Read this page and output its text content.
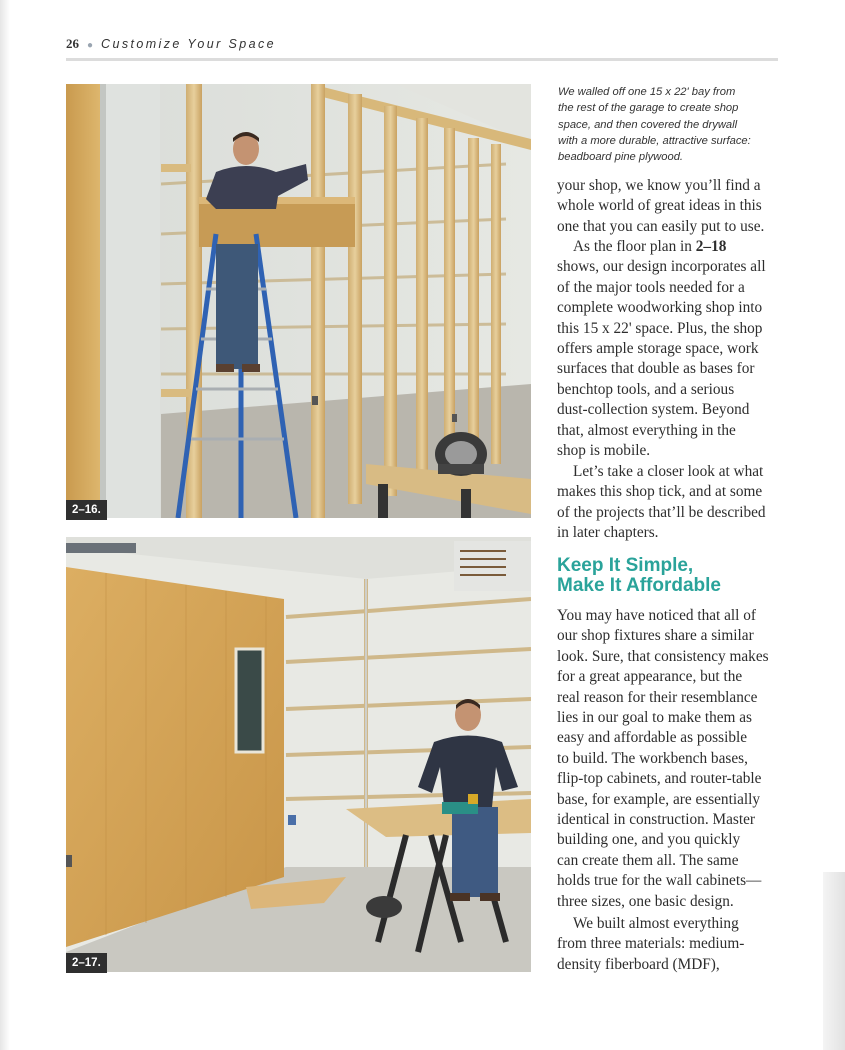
26 ● Customize Your Space
2–16.
2–17.
We walled off one 15 x 22' bay from
the rest of the garage to create shop
space, and then covered the drywall
with a more durable, attractive surface:
beadboard pine plywood.
your shop, we know you’ll find a
whole world of great ideas in this
one that you can easily put to use.
As the floor plan in 2–18
shows, our design incorporates all
of the major tools needed for a
complete woodworking shop into
this 15 x 22' space. Plus, the shop
offers ample storage space, work
surfaces that double as bases for
benchtop tools, and a serious
dust-collection system. Beyond
that, almost everything in the
shop is mobile.
Let’s take a closer look at what
makes this shop tick, and at some
of the projects that’ll be described
in later chapters.
Keep It Simple,
Make It Affordable
You may have noticed that all of
our shop fixtures share a similar
look. Sure, that consistency makes
for a great appearance, but the
real reason for their resemblance
lies in our goal to make them as
easy and affordable as possible
to build. The workbench bases,
flip-top cabinets, and router-table
base, for example, are essentially
identical in construction. Master
building one, and you quickly
can create them all. The same
holds true for the wall cabinets—
three sizes, one basic design.
We built almost everything
from three materials: medium-
density fiberboard (MDF),
